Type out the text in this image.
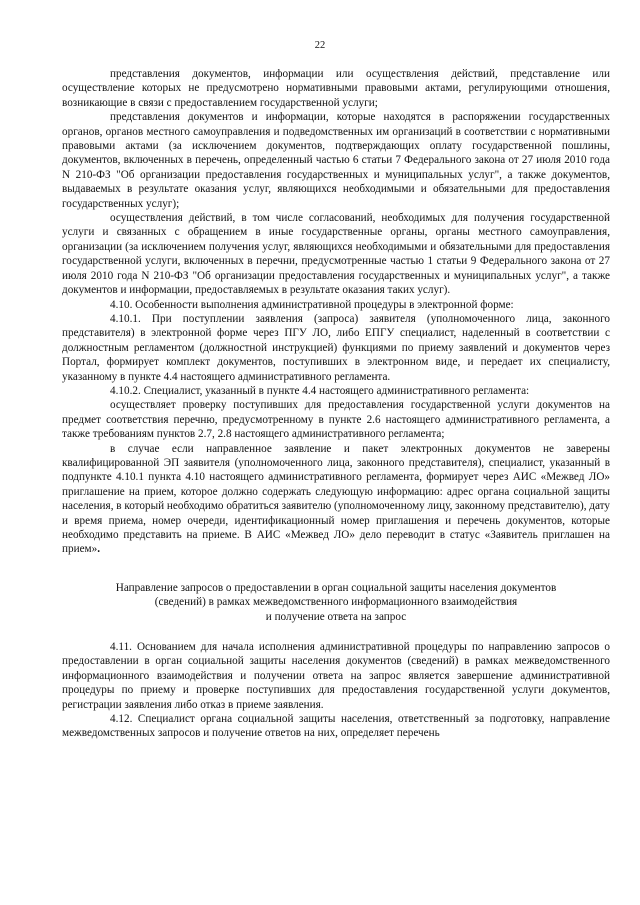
22

представления документов, информации или осуществления действий, представление или осуществление которых не предусмотрено нормативными правовыми актами, регулирующими отношения, возникающие в связи с предоставлением государственной услуги;

представления документов и информации, которые находятся в распоряжении государственных органов, органов местного самоуправления и подведомственных им организаций в соответствии с нормативными правовыми актами (за исключением документов, подтверждающих оплату государственной пошлины, документов, включенных в перечень, определенный частью 6 статьи 7 Федерального закона от 27 июля 2010 года N 210-ФЗ "Об организации предоставления государственных и муниципальных услуг", а также документов, выдаваемых в результате оказания услуг, являющихся необходимыми и обязательными для предоставления государственных услуг);

осуществления действий, в том числе согласований, необходимых для получения государственной услуги и связанных с обращением в иные государственные органы, органы местного самоуправления, организации (за исключением получения услуг, являющихся необходимыми и обязательными для предоставления государственной услуги, включенных в перечни, предусмотренные частью 1 статьи 9 Федерального закона от 27 июля 2010 года N 210-ФЗ "Об организации предоставления государственных и муниципальных услуг", а также документов и информации, предоставляемых в результате оказания таких услуг).

4.10. Особенности выполнения административной процедуры в электронной форме:

4.10.1. При поступлении заявления (запроса) заявителя (уполномоченного лица, законного представителя) в электронной форме через ПГУ ЛО, либо ЕПГУ специалист, наделенный в соответствии с должностным регламентом (должностной инструкцией) функциями по приему заявлений и документов через Портал, формирует комплект документов, поступивших в электронном виде, и передает их специалисту, указанному в пункте 4.4 настоящего административного регламента.

4.10.2. Специалист, указанный в пункте 4.4 настоящего административного регламента:

осуществляет проверку поступивших для предоставления государственной услуги документов на предмет соответствия перечню, предусмотренному в пункте 2.6 настоящего административного регламента, а также требованиям пунктов 2.7, 2.8 настоящего административного регламента;

в случае если направленное заявление и пакет электронных документов не заверены квалифицированной ЭП заявителя (уполномоченного лица, законного представителя), специалист, указанный в подпункте 4.10.1 пункта 4.10 настоящего административного регламента, формирует через АИС «Межвед ЛО» приглашение на прием, которое должно содержать следующую информацию: адрес органа социальной защиты населения, в который необходимо обратиться заявителю (уполномоченному лицу, законному представителю), дату и время приема, номер очереди, идентификационный номер приглашения и перечень документов, которые необходимо представить на приеме. В АИС «Межвед ЛО» дело переводит в статус «Заявитель приглашен на прием».

Направление запросов о предоставлении в орган социальной защиты населения документов
(сведений) в рамках межведомственного информационного взаимодействия
и получение ответа на запрос

4.11. Основанием для начала исполнения административной процедуры по направлению запросов о предоставлении в орган социальной защиты населения документов (сведений) в рамках межведомственного информационного взаимодействия и получении ответа на запрос является завершение административной процедуры по приему и проверке поступивших для предоставления государственной услуги документов, регистрации заявления либо отказ в приеме заявления.

4.12. Специалист органа социальной защиты населения, ответственный за подготовку, направление межведомственных запросов и получение ответов на них, определяет перечень
